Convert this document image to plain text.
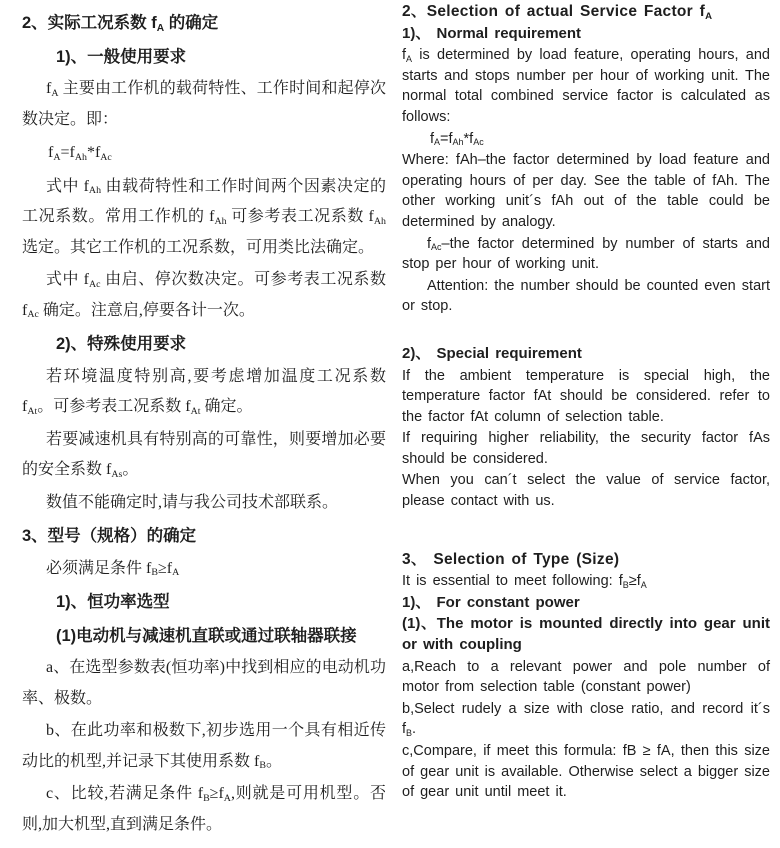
2、实际工况系数 $f_A$ 的确定
1)、一般使用要求
$f_A$ 主要由工作机的载荷特性、工作时间和起停次数决定。即：
$f_A=f_{Ah}*f_{Ac}$
式中 $f_{Ah}$ 由载荷特性和工作时间两个因素决定的工况系数。常用工作机的 $f_{Ah}$ 可参考表工况系数 $f_{Ah}$ 选定。其它工作机的工况系数，可用类比法确定。
式中 $f_{Ac}$ 由启、停次数决定。可参考表工况系数 $f_{Ac}$ 确定。注意启,停要各计一次。
2)、特殊使用要求
若环境温度特别高,要考虑增加温度工况系数 $f_{At}$。可参考表工况系数 $f_{At}$ 确定。
若要减速机具有特别高的可靠性，则要增加必要的安全系数 $f_{As}$。
数值不能确定时,请与我公司技术部联系。
3、型号（规格）的确定
必须满足条件 $f_B\ge f_A$
1)、恒功率选型
(1)电动机与减速机直联或通过联轴器联接
a、在选型参数表(恒功率)中找到相应的电动机功率、极数。
b、在此功率和极数下,初步选用一个具有相近传动比的机型,并记录下其使用系数 $f_B$。
c、比较,若满足条件 $f_B\ge f_A$,则就是可用机型。否则,加大机型,直到满足条件。
2、Selection of actual Service Factor $f_A$
1)、 Normal requirement
$f_A$ is determined by load feature, operating hours, and starts and stops number per hour of working unit. The normal total combined service factor is calculated as follows:
$f_A=f_{Ah}*f_{Ac}$
Where: fAh–the factor determined by load feature and operating hours of per day. See the table of fAh. The other working unit´s fAh out of the table could be determined by analogy.
$f_{Ac}$–the factor determined by number of starts and stop per hour of working unit.
Attention: the number should be counted even start or stop.
2)、 Special requirement
If the ambient temperature is special high, the temperature factor fAt should be considered. refer to the factor fAt column of selection table.
If requiring higher reliability, the security factor fAs should be considered.
When you can´t select the value of service factor, please contact with us.
3、 Selection of Type (Size)
It is essential to meet following: $f_B\ge f_A$
1)、 For constant power
(1)、The motor is mounted directly into gear unit or with coupling
a,Reach to a relevant power and pole number of motor from selection table (constant power)
b,Select rudely a size with close ratio, and record it´s $f_B$.
c,Compare, if meet this formula: fB ≥ fA, then this size of gear unit is available. Otherwise select a bigger size of gear unit until meet it.
